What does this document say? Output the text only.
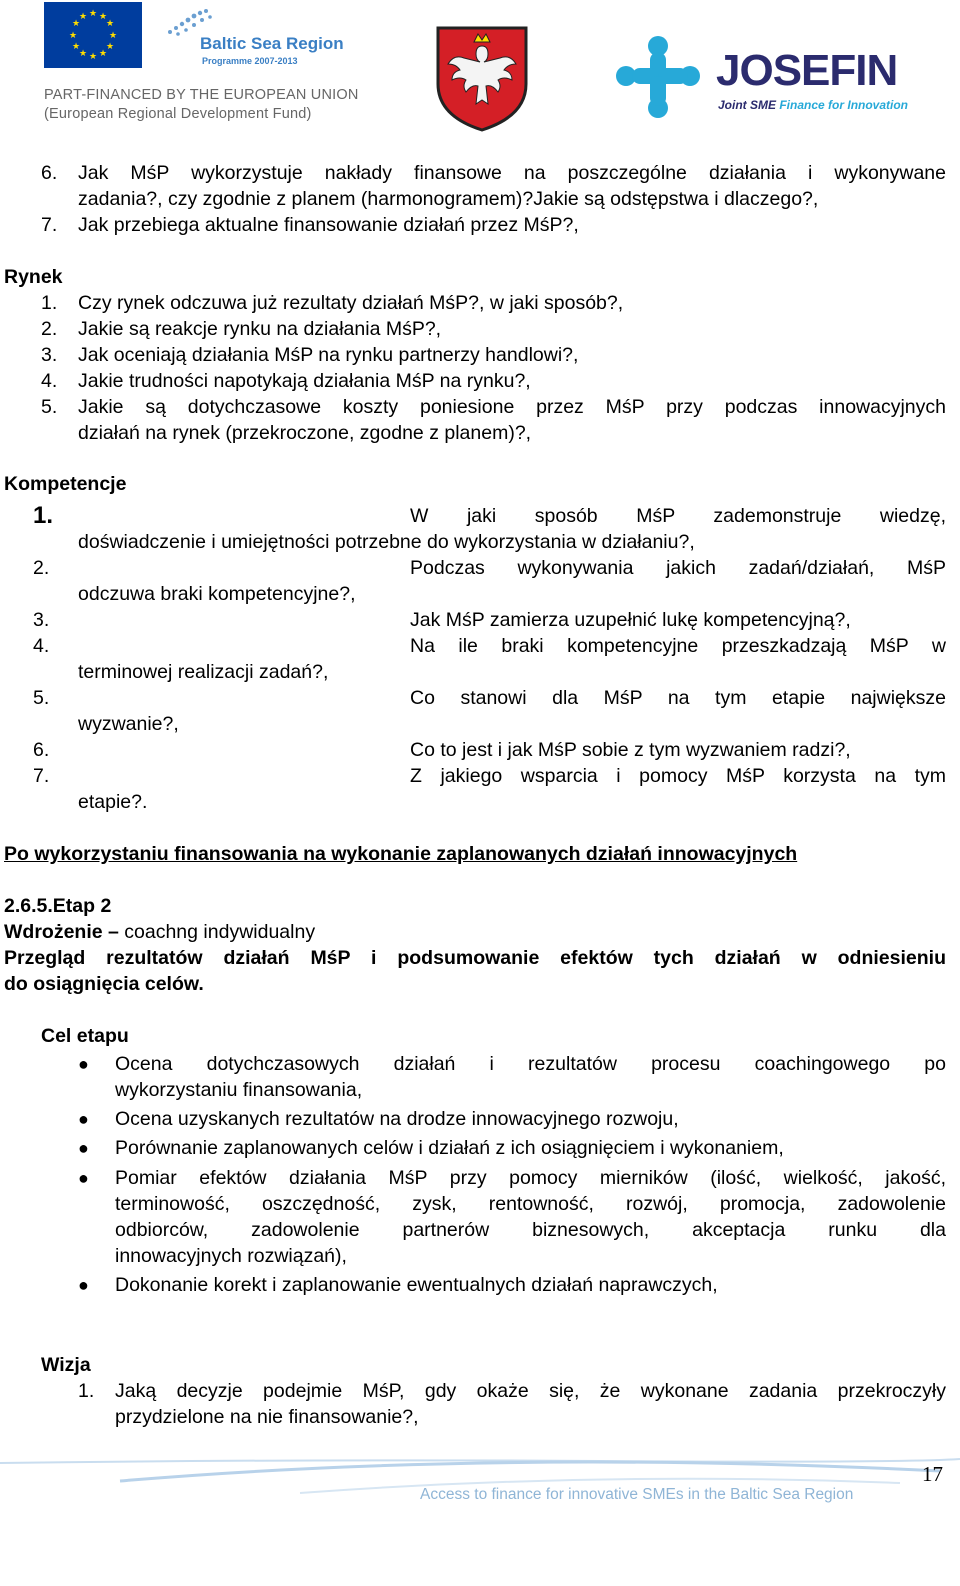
★ ★
★
★
★
★
★
★
★
★
★
★
Baltic Sea Region
Programme 2007-2013
PART-FINANCED BY THE EUROPEAN UNION
(European Regional Development Fund)
JOSEFIN
Joint SME Finance for Innovation
6. Jak MśP wykorzystuje nakłady finansowe na poszczególne działania i wykonywane
zadania?, czy zgodnie z planem (harmonogramem)?Jakie są odstępstwa i dlaczego?,
7. Jak przebiega aktualne finansowanie działań przez MśP?,
Rynek
1. Czy rynek odczuwa już rezultaty działań MśP?, w jaki sposób?,
2. Jakie są reakcje rynku na działania MśP?,
3. Jak oceniają działania MśP na rynku partnerzy handlowi?,
4. Jakie trudności napotykają działania MśP na rynku?,
5. Jakie są dotychczasowe koszty poniesione przez MśP przy podczas innowacyjnych
działań na rynek (przekroczone, zgodne z planem)?,
Kompetencje
1.	W jaki sposób MśP zademonstruje wiedzę,
doświadczenie i umiejętności potrzebne do wykorzystania w działaniu?,
2.	Podczas wykonywania jakich zadań/działań, MśP
odczuwa braki kompetencyjne?,
3.	Jak MśP zamierza uzupełnić lukę kompetencyjną?,
4.	Na ile braki kompetencyjne przeszkadzają MśP w
terminowej realizacji zadań?,
5.	Co stanowi dla MśP na tym etapie największe
wyzwanie?,
6.	Co to jest i jak MśP sobie z tym wyzwaniem radzi?,
7.	Z jakiego wsparcia i pomocy MśP korzysta na tym
etapie?.
Po wykorzystaniu finansowania na wykonanie zaplanowanych działań innowacyjnych
2.6.5.Etap 2
Wdrożenie – coachng indywidualny
Przegląd rezultatów działań MśP i podsumowanie efektów tych działań w odniesieniu
do osiągnięcia celów.
Cel etapu
● Ocena dotychczasowych działań i rezultatów procesu coachingowego po
wykorzystaniu finansowania,
● Ocena uzyskanych rezultatów na drodze innowacyjnego rozwoju,
● Porównanie zaplanowanych celów i działań z ich osiągnięciem i wykonaniem,
● Pomiar efektów działania MśP przy pomocy mierników (ilość, wielkość, jakość,
terminowość, oszczędność, zysk, rentowność, rozwój, promocja, zadowolenie
odbiorców, zadowolenie partnerów biznesowych, akceptacja runku dla
innowacyjnych rozwiązań),
● Dokonanie korekt i zaplanowanie ewentualnych działań naprawczych,
Wizja
1. Jaką decyzje podejmie MśP, gdy okaże się, że wykonane zadania przekroczyły
przydzielone na nie finansowanie?,
17
Access to finance for innovative SMEs in the Baltic Sea Region
